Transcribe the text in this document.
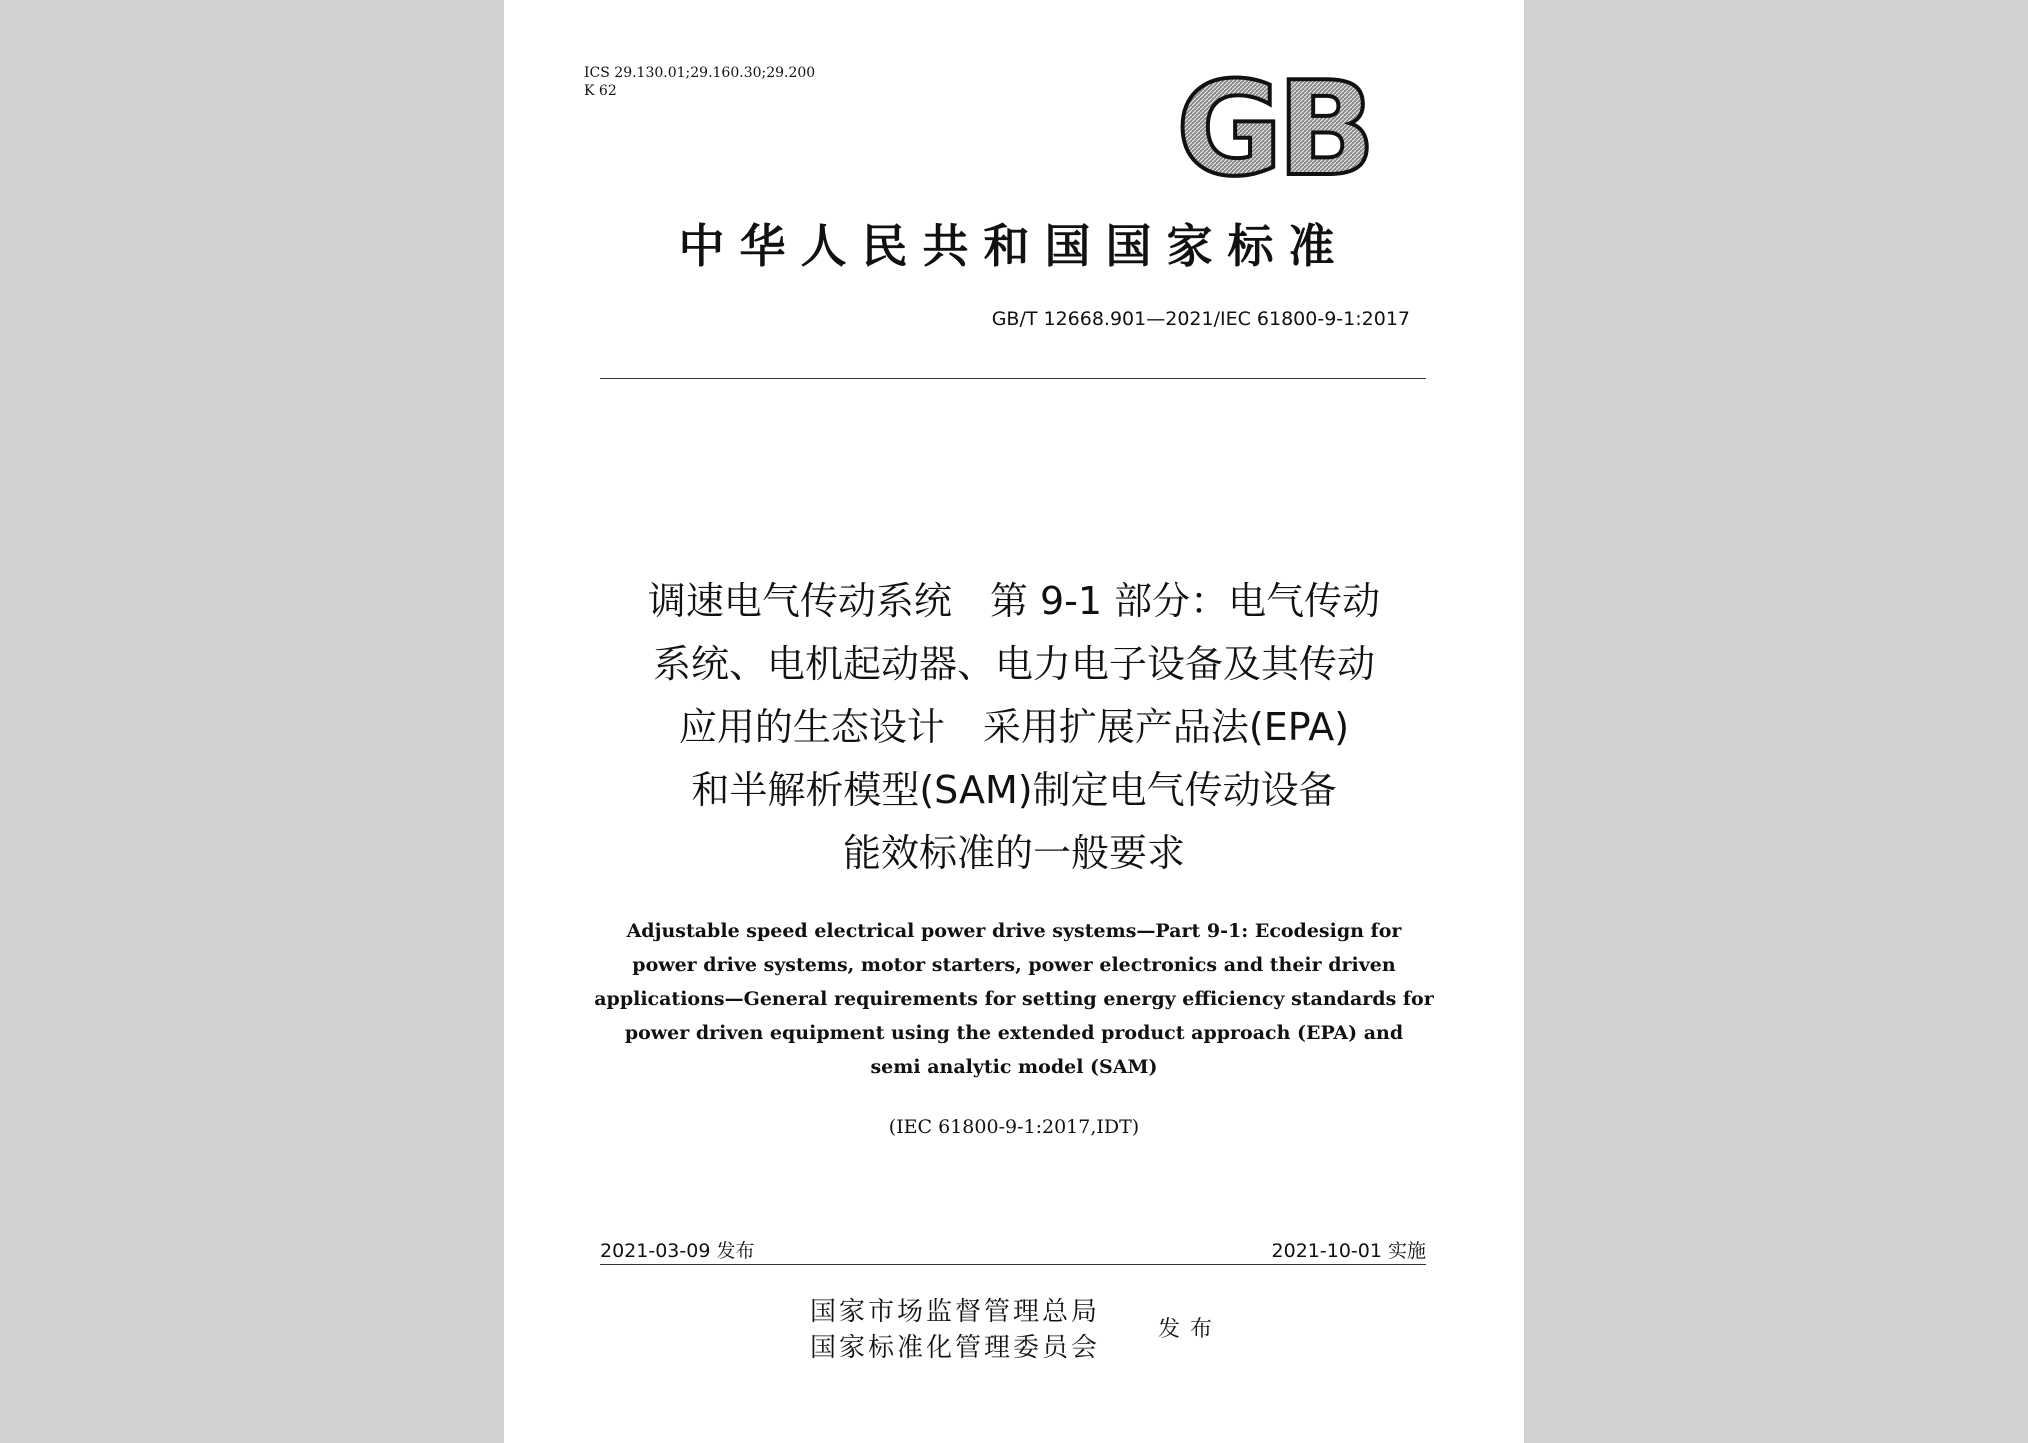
ICS 29.130.01;29.160.30;29.200
K 62	GB
中华人民共和国国家标准
GB/T 12668.901—2021/IEC 61800-9-1:2017
调速电气传动系统　第 9-1 部分：电气传动
系统、电机起动器、电力电子设备及其传动
应用的生态设计　采用扩展产品法(EPA)
和半解析模型(SAM)制定电气传动设备
能效标准的一般要求
Adjustable speed electrical power drive systems—Part 9-1: Ecodesign for
power drive systems, motor starters, power electronics and their driven
applications—General requirements for setting energy efficiency standards for
power driven equipment using the extended product approach (EPA) and
semi analytic model (SAM)
(IEC 61800-9-1:2017,IDT)
2021-03-09 发布	2021-10-01 实施
国家市场监督管理总局
国家标准化管理委员会
发布
